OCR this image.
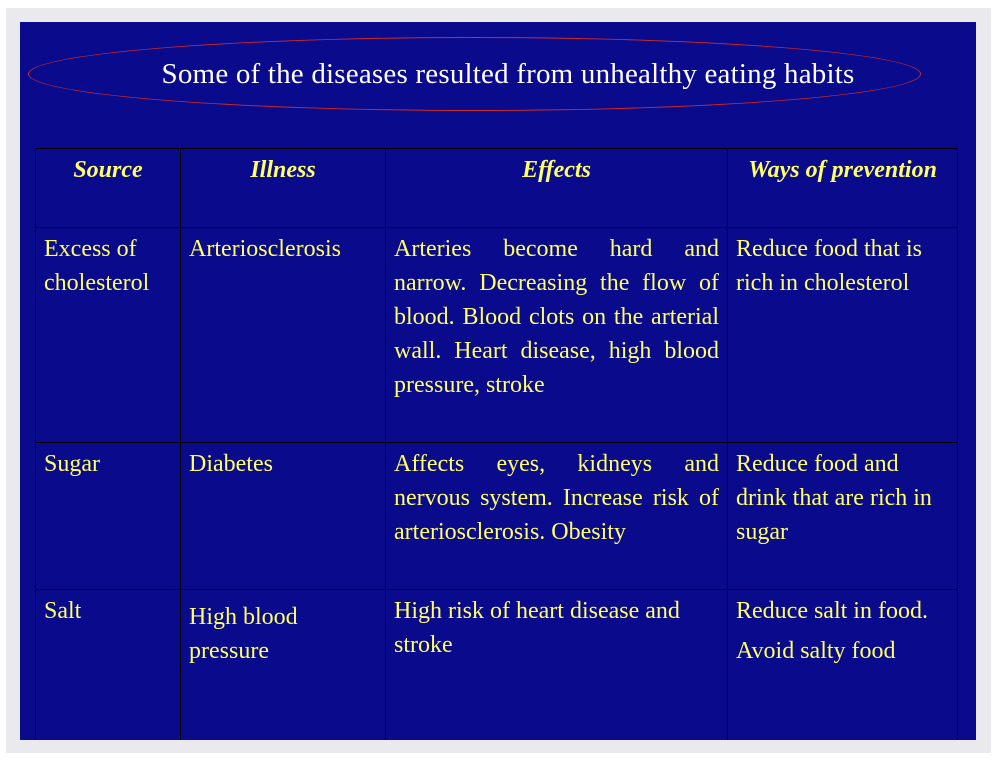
Some of the diseases resulted from unhealthy eating habits
Source	Illness	Effects	Ways of prevention
Excess of cholesterol	Arteriosclerosis	Arteries become hard and narrow. Decreasing the flow of blood. Blood clots on the arterial wall. Heart disease, high blood pressure, stroke	Reduce food that is rich in cholesterol
Sugar	Diabetes	Affects eyes, kidneys and nervous system. Increase risk of arteriosclerosis. Obesity	Reduce food and drink that are rich in sugar
Salt	High blood pressure	High risk of heart disease and stroke	Reduce salt in food.
Avoid salty food
